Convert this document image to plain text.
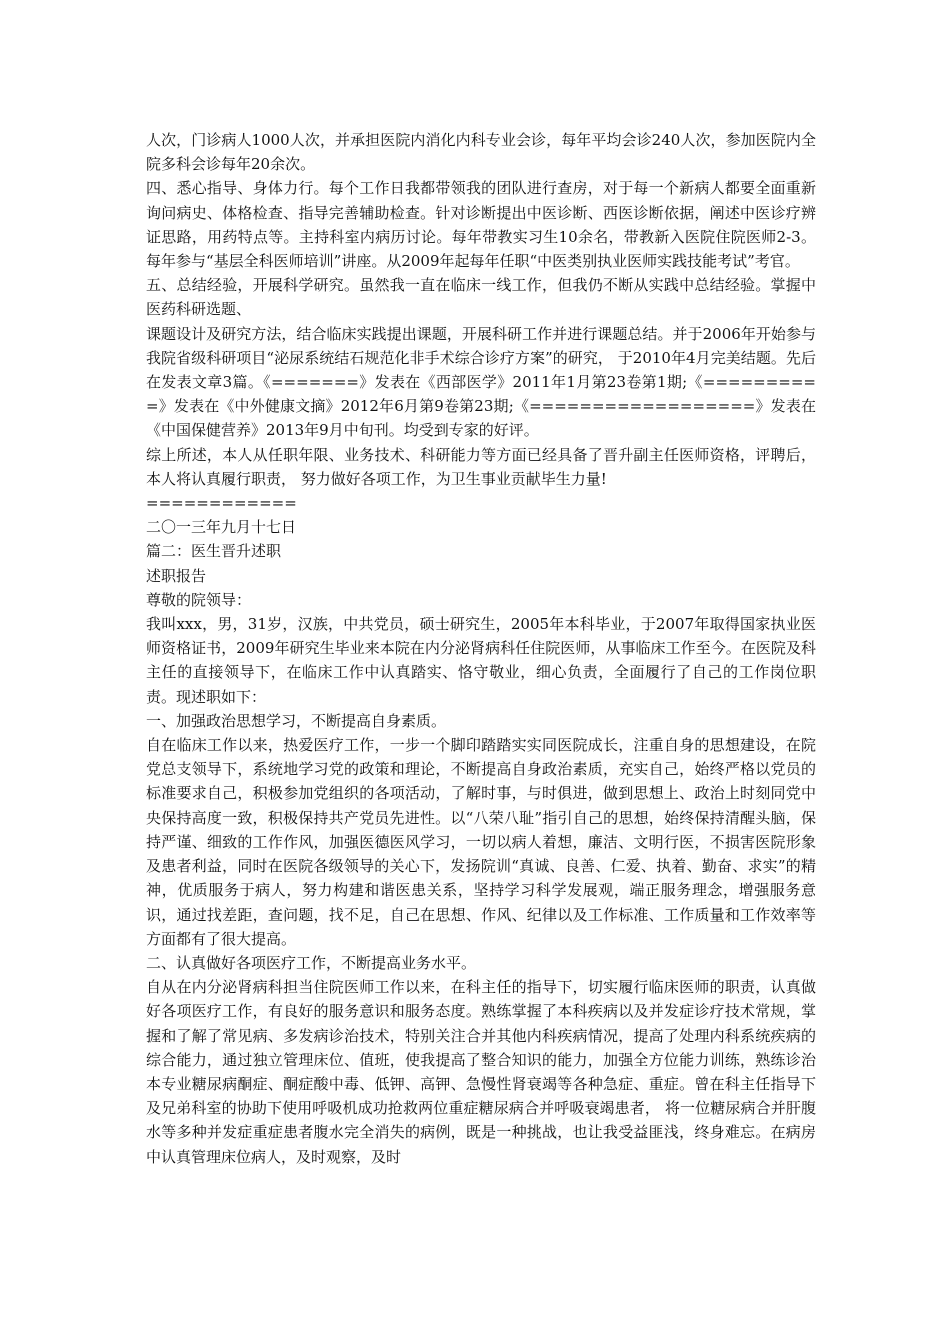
人次，门诊病人1000人次，并承担医院内消化内科专业会诊，每年平均会诊240人次，参加医院内全院多科会诊每年20余次。

四、悉心指导、身体力行。每个工作日我都带领我的团队进行查房，对于每一个新病人都要全面重新询问病史、体格检查、指导完善辅助检查。针对诊断提出中医诊断、西医诊断依据，阐述中医诊疗辨证思路，用药特点等。主持科室内病历讨论。每年带教实习生10余名，带教新入医院住院医师2-3。每年参与“基层全科医师培训”讲座。从2009年起每年任职“中医类别执业医师实践技能考试”考官。

五、总结经验，开展科学研究。虽然我一直在临床一线工作，但我仍不断从实践中总结经验。掌握中医药科研选题、

课题设计及研究方法，结合临床实践提出课题，开展科研工作并进行课题总结。并于2006年开始参与我院省级科研项目“泌尿系统结石规范化非手术综合诊疗方案”的研究， 于2010年4月完美结题。先后在发表文章3篇。《=======》发表在《西部医学》2011年1月第23卷第1期;《==========》发表在《中外健康文摘》2012年6月第9卷第23期;《==================》发表在《中国保健营养》2013年9月中旬刊。均受到专家的好评。

综上所述，本人从任职年限、业务技术、科研能力等方面已经具备了晋升副主任医师资格，评聘后，本人将认真履行职责， 努力做好各项工作，为卫生事业贡献毕生力量!

============

二〇一三年九月十七日

篇二：医生晋升述职

述职报告

尊敬的院领导：

我叫xxx，男，31岁，汉族，中共党员，硕士研究生，2005年本科毕业，于2007年取得国家执业医师资格证书，2009年研究生毕业来本院在内分泌肾病科任住院医师，从事临床工作至今。在医院及科主任的直接领导下，在临床工作中认真踏实、恪守敬业，细心负责，全面履行了自己的工作岗位职责。现述职如下：

一、加强政治思想学习，不断提高自身素质。

自在临床工作以来，热爱医疗工作，一步一个脚印踏踏实实同医院成长，注重自身的思想建设，在院党总支领导下，系统地学习党的政策和理论，不断提高自身政治素质，充实自己，始终严格以党员的标准要求自己，积极参加党组织的各项活动，了解时事，与时俱进，做到思想上、政治上时刻同党中央保持高度一致，积极保持共产党员先进性。以“八荣八耻”指引自己的思想，始终保持清醒头脑，保持严谨、细致的工作作风，加强医德医风学习，一切以病人着想，廉洁、文明行医，不损害医院形象及患者利益，同时在医院各级领导的关心下，发扬院训“真诚、良善、仁爱、执着、勤奋、求实”的精神，优质服务于病人，努力构建和谐医患关系，坚持学习科学发展观，端正服务理念，增强服务意识，通过找差距，查问题，找不足，自己在思想、作风、纪律以及工作标准、工作质量和工作效率等方面都有了很大提高。

二、认真做好各项医疗工作，不断提高业务水平。

自从在内分泌肾病科担当住院医师工作以来，在科主任的指导下，切实履行临床医师的职责，认真做好各项医疗工作，有良好的服务意识和服务态度。熟练掌握了本科疾病以及并发症诊疗技术常规，掌握和了解了常见病、多发病诊治技术，特别关注合并其他内科疾病情况，提高了处理内科系统疾病的综合能力，通过独立管理床位、值班，使我提高了整合知识的能力，加强全方位能力训练，熟练诊治本专业糖尿病酮症、酮症酸中毒、低钾、高钾、急慢性肾衰竭等各种急症、重症。曾在科主任指导下及兄弟科室的协助下使用呼吸机成功抢救两位重症糖尿病合并呼吸衰竭患者， 将一位糖尿病合并肝腹水等多种并发症重症患者腹水完全消失的病例，既是一种挑战，也让我受益匪浅，终身难忘。在病房中认真管理床位病人，及时观察，及时
